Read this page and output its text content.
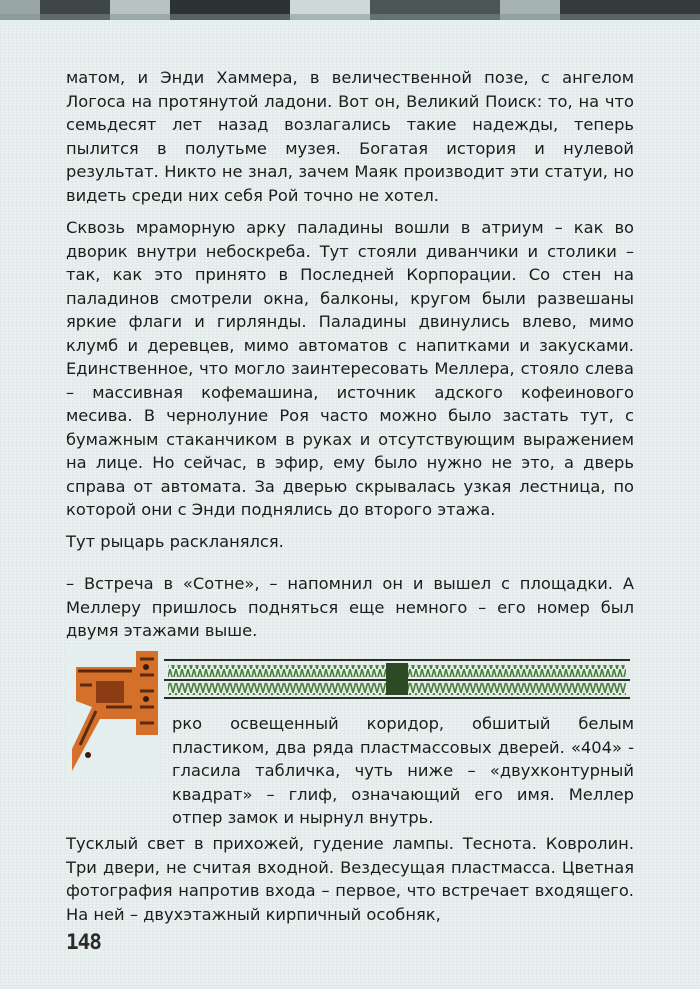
матом, и Энди Хаммера, в величественной позе, с ангелом Логоса на протянутой ладони. Вот он, Великий Поиск: то, на что семьдесят лет назад возлагались такие надежды, теперь пылится в полутьме музея. Богатая история и нулевой результат. Никто не знал, зачем Маяк производит эти статуи, но видеть среди них себя Рой точно не хотел.

Сквозь мраморную арку паладины вошли в атриум – как во дворик внутри небоскреба. Тут стояли диванчики и столики – так, как это принято в Последней Корпорации. Со стен на паладинов смотрели окна, балконы, кругом были развешаны яркие флаги и гирлянды. Паладины двинулись влево, мимо клумб и деревцев, мимо автоматов с напитками и закусками. Единственное, что могло заинтересовать Меллера, стояло слева – массивная кофемашина, источник адского кофеинового месива. В чернолуние Роя часто можно было застать тут, с бумажным стаканчиком в руках и отсутствующим выражением на лице. Но сейчас, в эфир, ему было нужно не это, а дверь справа от автомата. За дверью скрывалась узкая лестница, по которой они с Энди поднялись до второго этажа.

Тут рыцарь раскланялся.

– Встреча в «Сотне», – напомнил он и вышел с площадки. А Меллеру пришлось подняться еще немного – его номер был двумя этажами выше.

Я

рко освещенный коридор, обшитый белым пластиком, два ряда пластмассовых дверей. «404» - гласила табличка, чуть ниже – «двухконтурный квадрат» – глиф, означающий его имя. Меллер отпер замок и нырнул внутрь.

Тусклый свет в прихожей, гудение лампы. Теснота. Ковролин. Три двери, не считая входной. Вездесущая пластмасса. Цветная фотография напротив входа – первое, что встречает входящего. На ней – двухэтажный кирпичный особняк,

148
